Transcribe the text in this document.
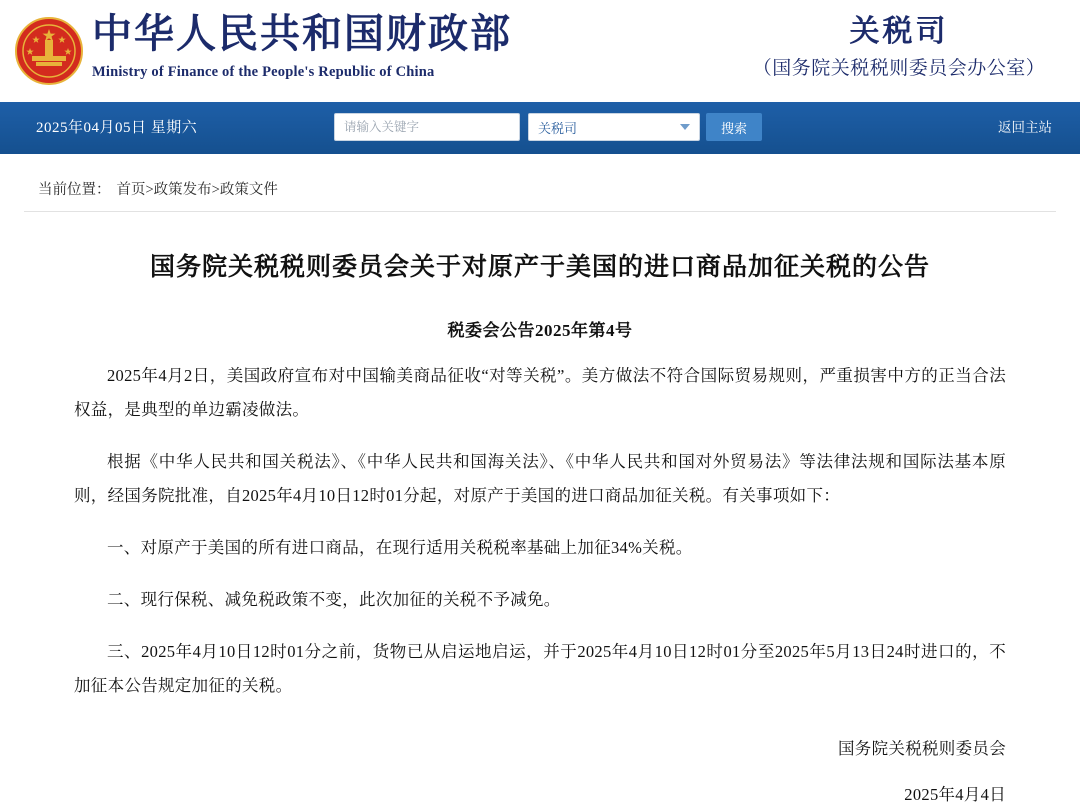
中华人民共和国财政部
Ministry of Finance of the People's Republic of China
关税司
（国务院关税税则委员会办公室）
2025年04月05日 星期六
请输入关键字	关税司	搜索	返回主站
当前位置： 首页>政策发布>政策文件
国务院关税税则委员会关于对原产于美国的进口商品加征关税的公告
税委会公告2025年第4号

2025年4月2日，美国政府宣布对中国输美商品征收“对等关税”。美方做法不符合国际贸易规则，严重损害中方的正当合法权益，是典型的单边霸凌做法。

根据《中华人民共和国关税法》、《中华人民共和国海关法》、《中华人民共和国对外贸易法》等法律法规和国际法基本原则，经国务院批准，自2025年4月10日12时01分起，对原产于美国的进口商品加征关税。有关事项如下：

一、对原产于美国的所有进口商品，在现行适用关税税率基础上加征34%关税。

二、现行保税、减免税政策不变，此次加征的关税不予减免。

三、2025年4月10日12时01分之前，货物已从启运地启运，并于2025年4月10日12时01分至2025年5月13日24时进口的，不加征本公告规定加征的关税。

国务院关税税则委员会

2025年4月4日
